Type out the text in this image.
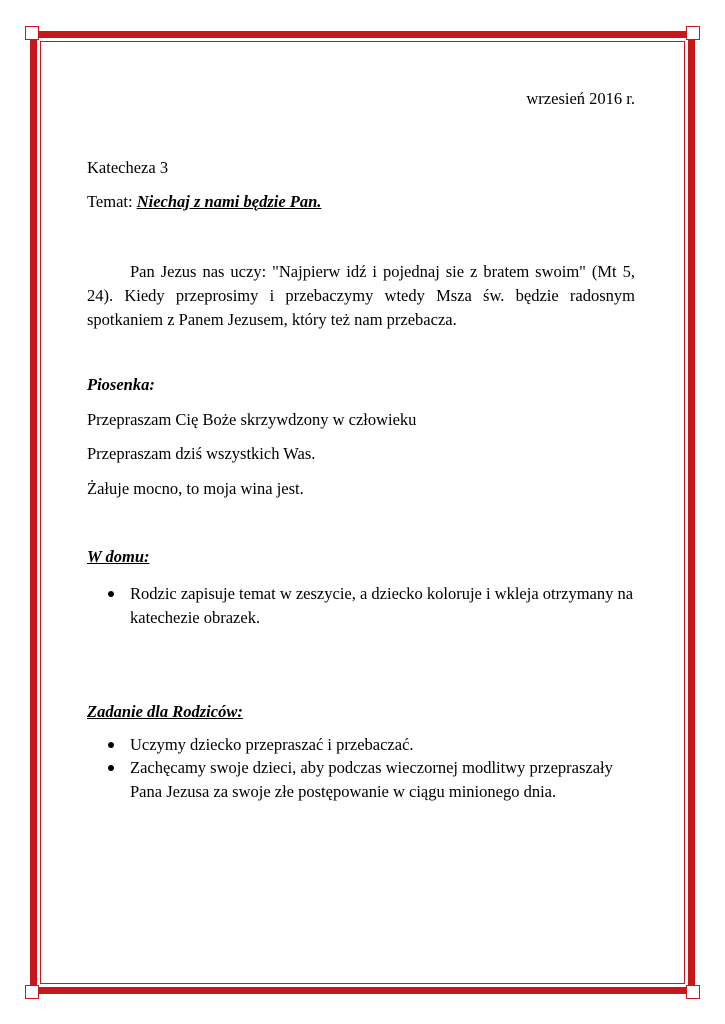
wrzesień 2016 r.
Katecheza 3
Temat: Niechaj z nami będzie Pan.

Pan Jezus nas uczy: "Najpierw idź i pojednaj sie z bratem swoim" (Mt 5, 24). Kiedy przeprosimy i przebaczymy wtedy Msza św. będzie radosnym spotkaniem z Panem Jezusem, który też nam przebacza.

Piosenka:
Przepraszam Cię Boże skrzywdzony w człowieku
Przepraszam dziś wszystkich Was.
Żałuje mocno, to moja wina jest.
W domu:
Rodzic zapisuje temat w zeszycie, a dziecko koloruje i wkleja otrzymany na katechezie obrazek.
Zadanie dla Rodziców:
Uczymy dziecko przepraszać i przebaczać.
Zachęcamy swoje dzieci, aby podczas wieczornej modlitwy przepraszały Pana Jezusa za swoje złe postępowanie w ciągu minionego dnia.
